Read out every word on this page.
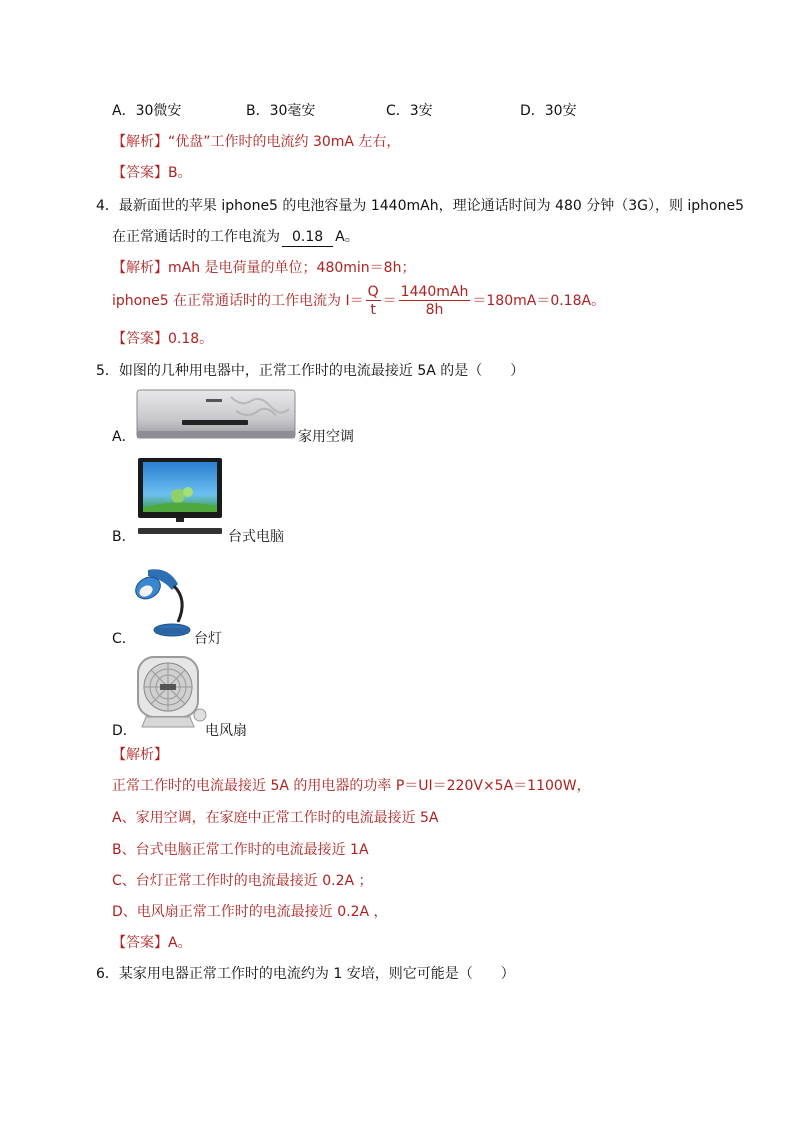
A．30微安	B．30毫安	C．3安	D．30安
【解析】“优盘”工作时的电流约 30mA 左右，
【答案】B。
4．最新面世的苹果 iphone5 的电池容量为 1440mAh，理论通话时间为 480 分钟（3G），则 iphone5
在正常通话时的工作电流为 0.18 A。
【解析】mAh 是电荷量的单位；480min＝8h；
iphone5 在正常通话时的工作电流为 $I= \frac{Q}{t} = \frac{\text{1440mAh}}{8h} =180mA=0.18A$。
【答案】0.18。
5．如图的几种用电器中，正常工作时的电流最接近 5A 的是（　　）
A．	家用空调
B．	台式电脑
C．	台灯
D．	电风扇
【解析】
正常工作时的电流最接近 5A 的用电器的功率 P＝UI＝220V×5A＝1100W，
A、家用空调，在家庭中正常工作时的电流最接近 5A
B、台式电脑正常工作时的电流最接近 1A
C、台灯正常工作时的电流最接近 0.2A ；
D、电风扇正常工作时的电流最接近 0.2A ，
【答案】A。
6．某家用电器正常工作时的电流约为 1 安培，则它可能是（　　）
